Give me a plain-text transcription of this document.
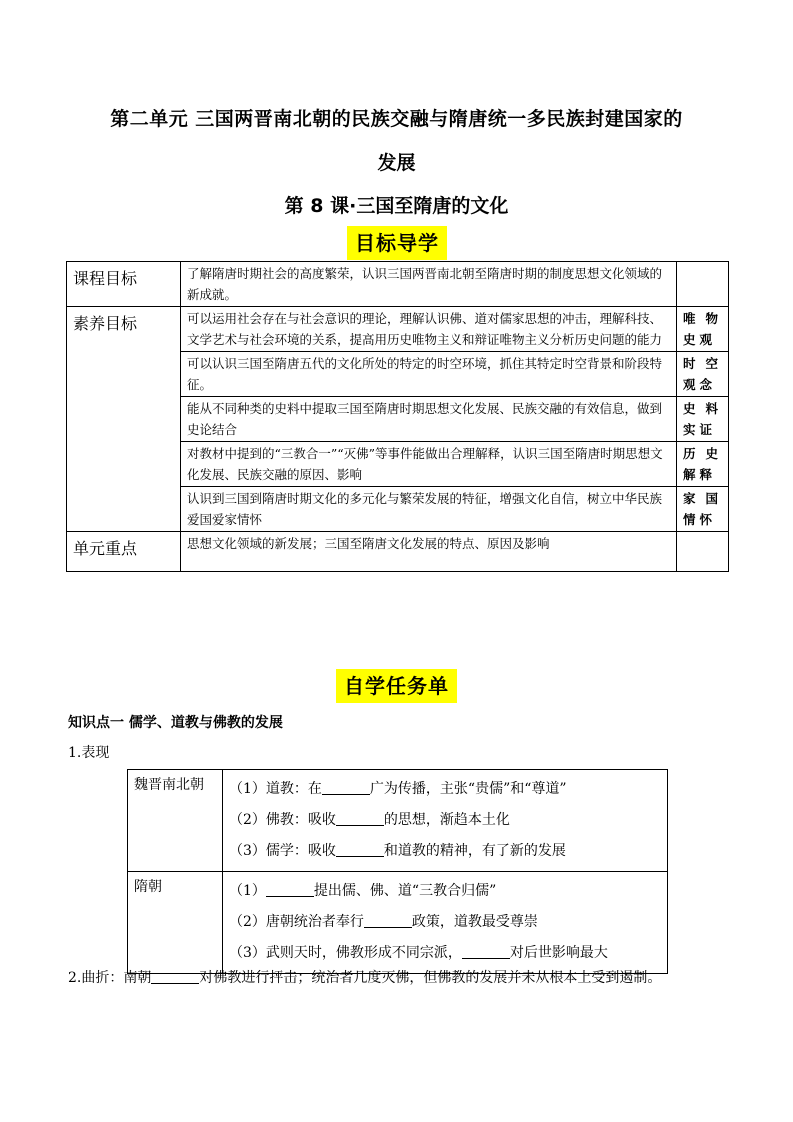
第二单元 三国两晋南北朝的民族交融与隋唐统一多民族封建国家的
发展
第 8 课·三国至隋唐的文化
目标导学
课程目标	了解隋唐时期社会的高度繁荣，认识三国两晋南北朝至隋唐时期的制度思想文化领域的新成就。	
素养目标	可以运用社会存在与社会意识的理论，理解认识佛、道对儒家思想的冲击，理解科技、文学艺术与社会环境的关系，提高用历史唯物主义和辩证唯物主义分析历史问题的能力	唯物史观
	可以认识三国至隋唐五代的文化所处的特定的时空环境，抓住其特定时空背景和阶段特征。	时空观念
	能从不同种类的史料中提取三国至隋唐时期思想文化发展、民族交融的有效信息，做到史论结合	史料实证
	对教材中提到的“三教合一”“灭佛”等事件能做出合理解释，认识三国至隋唐时期思想文化发展、民族交融的原因、影响	历史解释
	认识到三国到隋唐时期文化的多元化与繁荣发展的特征，增强文化自信，树立中华民族爱国爱家情怀	家国情怀
单元重点	思想文化领域的新发展；三国至隋唐文化发展的特点、原因及影响	
自学任务单
知识点一 儒学、道教与佛教的发展
1.表现
魏晋南北朝	（1）道教：在 广为传播，主张“贵儒”和“尊道”
（2）佛教：吸收 的思想，渐趋本土化
（3）儒学：吸收 和道教的精神，有了新的发展

隋朝	（1） 提出儒、佛、道“三教合归儒”
（2）唐朝统治者奉行 政策，道教最受尊崇
（3）武则天时，佛教形成不同宗派， 对后世影响最大
2.曲折：南朝	对佛教进行抨击；统治者几度灭佛，但佛教的发展并未从根本上受到遏制。
